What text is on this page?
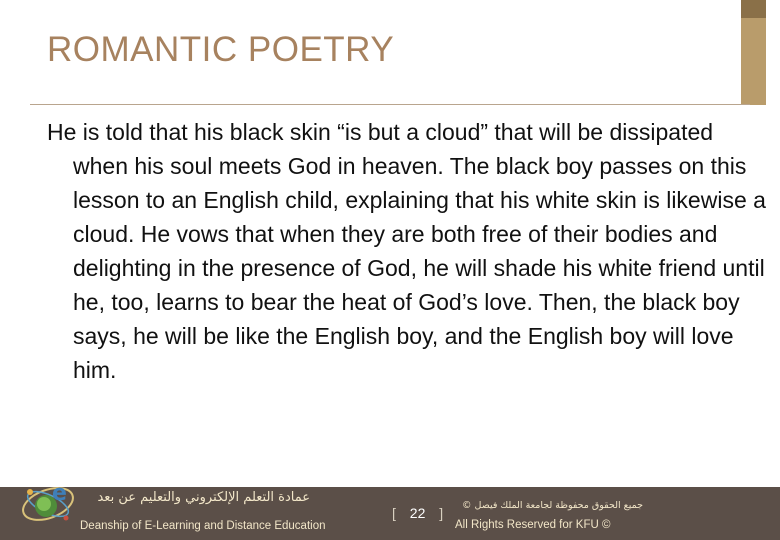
ROMANTIC POETRY
He is told that his black skin “is but a cloud” that will be dissipated when his soul meets God in heaven. The black boy passes on this lesson to an English child, explaining that his white skin is likewise a cloud. He vows that when they are both free of their bodies and delighting in the presence of God, he will shade his white friend until he, too, learns to bear the heat of God’s love. Then, the black boy says, he will be like the English boy, and the English boy will love him.
e	عمادة التعلم الإلكتروني والتعليم عن بعد
Deanship of E-Learning and Distance Education
[ 22 ] جميع الحقوق محفوظة لجامعة الملك فيصل ©
All Rights Reserved for KFU ©
